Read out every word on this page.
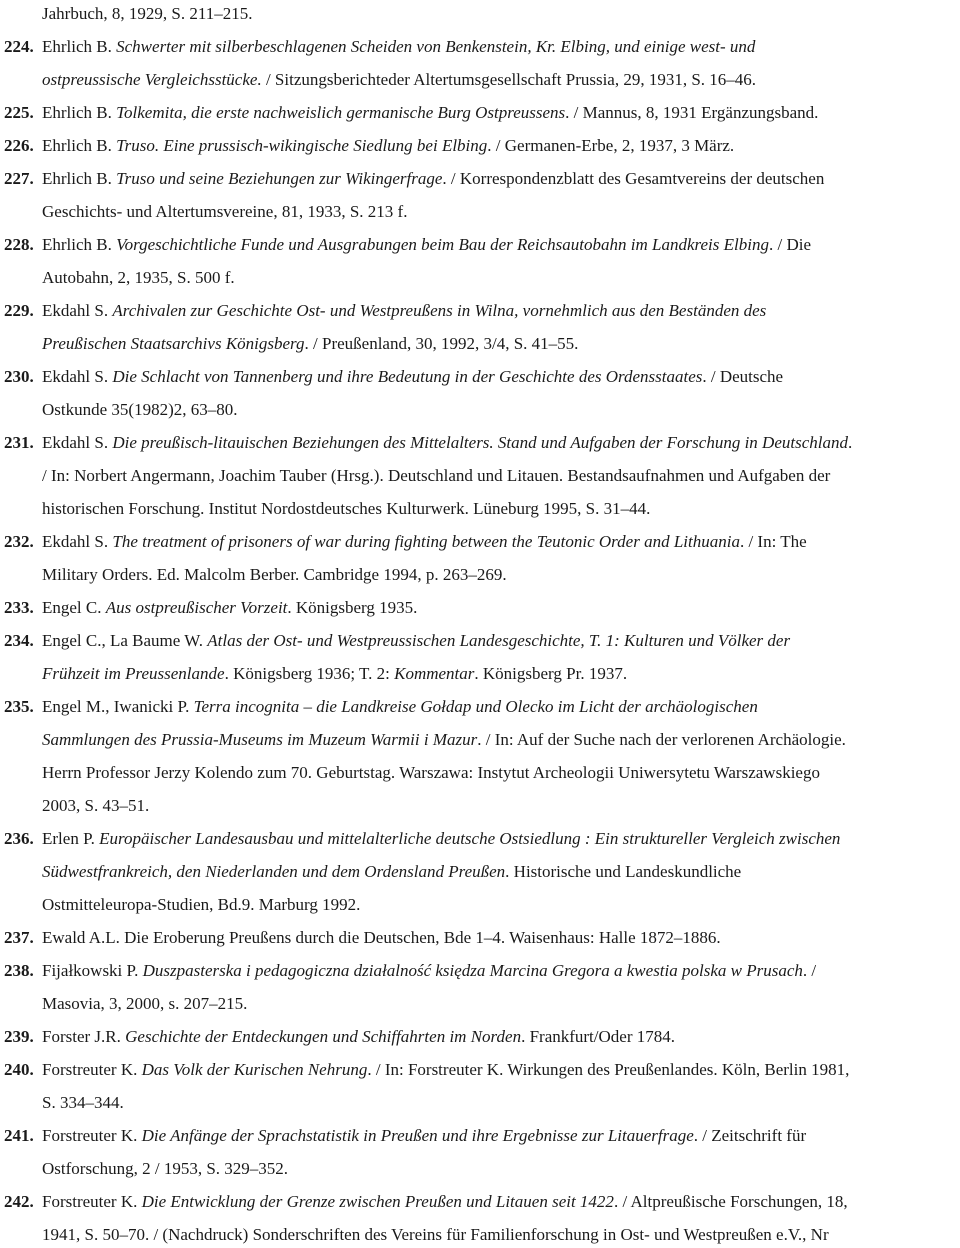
Jahrbuch, 8, 1929, S. 211–215.
224. Ehrlich B. Schwerter mit silberbeschlagenen Scheiden von Benkenstein, Kr. Elbing, und einige west- und
ostpreussische Vergleichsstücke. / Sitzungsberichteder Altertumsgesellschaft Prussia, 29, 1931, S. 16–46.
225. Ehrlich B. Tolkemita, die erste nachweislich germanische Burg Ostpreussens. / Mannus, 8, 1931 Ergänzungsband.
226. Ehrlich B. Truso. Eine prussisch-wikingische Siedlung bei Elbing. / Germanen-Erbe, 2, 1937, 3 März.
227. Ehrlich B. Truso und seine Beziehungen zur Wikingerfrage. / Korrespondenzblatt des Gesamtvereins der deutschen
Geschichts- und Altertumsvereine, 81, 1933, S. 213 f.
228. Ehrlich B. Vorgeschichtliche Funde und Ausgrabungen beim Bau der Reichsautobahn im Landkreis Elbing. / Die
Autobahn, 2, 1935, S. 500 f.
229. Ekdahl S. Archivalen zur Geschichte Ost- und Westpreußens in Wilna, vornehmlich aus den Beständen des
Preußischen Staatsarchivs Königsberg. / Preußenland, 30, 1992, 3/4, S. 41–55.
230. Ekdahl S. Die Schlacht von Tannenberg und ihre Bedeutung in der Geschichte des Ordensstaates. / Deutsche
Ostkunde 35(1982)2, 63–80.
231. Ekdahl S. Die preußisch-litauischen Beziehungen des Mittelalters. Stand und Aufgaben der Forschung in Deutschland.
/ In: Norbert Angermann, Joachim Tauber (Hrsg.). Deutschland und Litauen. Bestandsaufnahmen und Aufgaben der
historischen Forschung. Institut Nordostdeutsches Kulturwerk. Lüneburg 1995, S. 31–44.
232. Ekdahl S. The treatment of prisoners of war during fighting between the Teutonic Order and Lithuania. / In: The
Military Orders. Ed. Malcolm Berber. Cambridge 1994, p. 263–269.
233. Engel C. Aus ostpreußischer Vorzeit. Königsberg 1935.
234. Engel C., La Baume W. Atlas der Ost- und Westpreussischen Landesgeschichte, T. 1: Kulturen und Völker der
Frühzeit im Preussenlande. Königsberg 1936; T. 2: Kommentar. Königsberg Pr. 1937.
235. Engel M., Iwanicki P. Terra incognita – die Landkreise Gołdap und Olecko im Licht der archäologischen
Sammlungen des Prussia-Museums im Muzeum Warmii i Mazur. / In: Auf der Suche nach der verlorenen Archäologie.
Herrn Professor Jerzy Kolendo zum 70. Geburtstag. Warszawa: Instytut Archeologii Uniwersytetu Warszawskiego
2003, S. 43–51.
236. Erlen P. Europäischer Landesausbau und mittelalterliche deutsche Ostsiedlung : Ein struktureller Vergleich zwischen
Südwestfrankreich, den Niederlanden und dem Ordensland Preußen. Historische und Landeskundliche
Ostmitteleuropa-Studien, Bd.9. Marburg 1992.
237. Ewald A.L. Die Eroberung Preußens durch die Deutschen, Bde 1–4. Waisenhaus: Halle 1872–1886.
238. Fijałkowski P. Duszpasterska i pedagogiczna działalność księdza Marcina Gregora a kwestia polska w Prusach. /
Masovia, 3, 2000, s. 207–215.
239. Forster J.R. Geschichte der Entdeckungen und Schiffahrten im Norden. Frankfurt/Oder 1784.
240. Forstreuter K. Das Volk der Kurischen Nehrung. / In: Forstreuter K. Wirkungen des Preußenlandes. Köln, Berlin 1981,
S. 334–344.
241. Forstreuter K. Die Anfänge der Sprachstatistik in Preußen und ihre Ergebnisse zur Litauerfrage. / Zeitschrift für
Ostforschung, 2 / 1953, S. 329–352.
242. Forstreuter K. Die Entwicklung der Grenze zwischen Preußen und Litauen seit 1422. / Altpreußische Forschungen, 18,
1941, S. 50–70. / (Nachdruck) Sonderschriften des Vereins für Familienforschung in Ost- und Westpreußen e.V., Nr
